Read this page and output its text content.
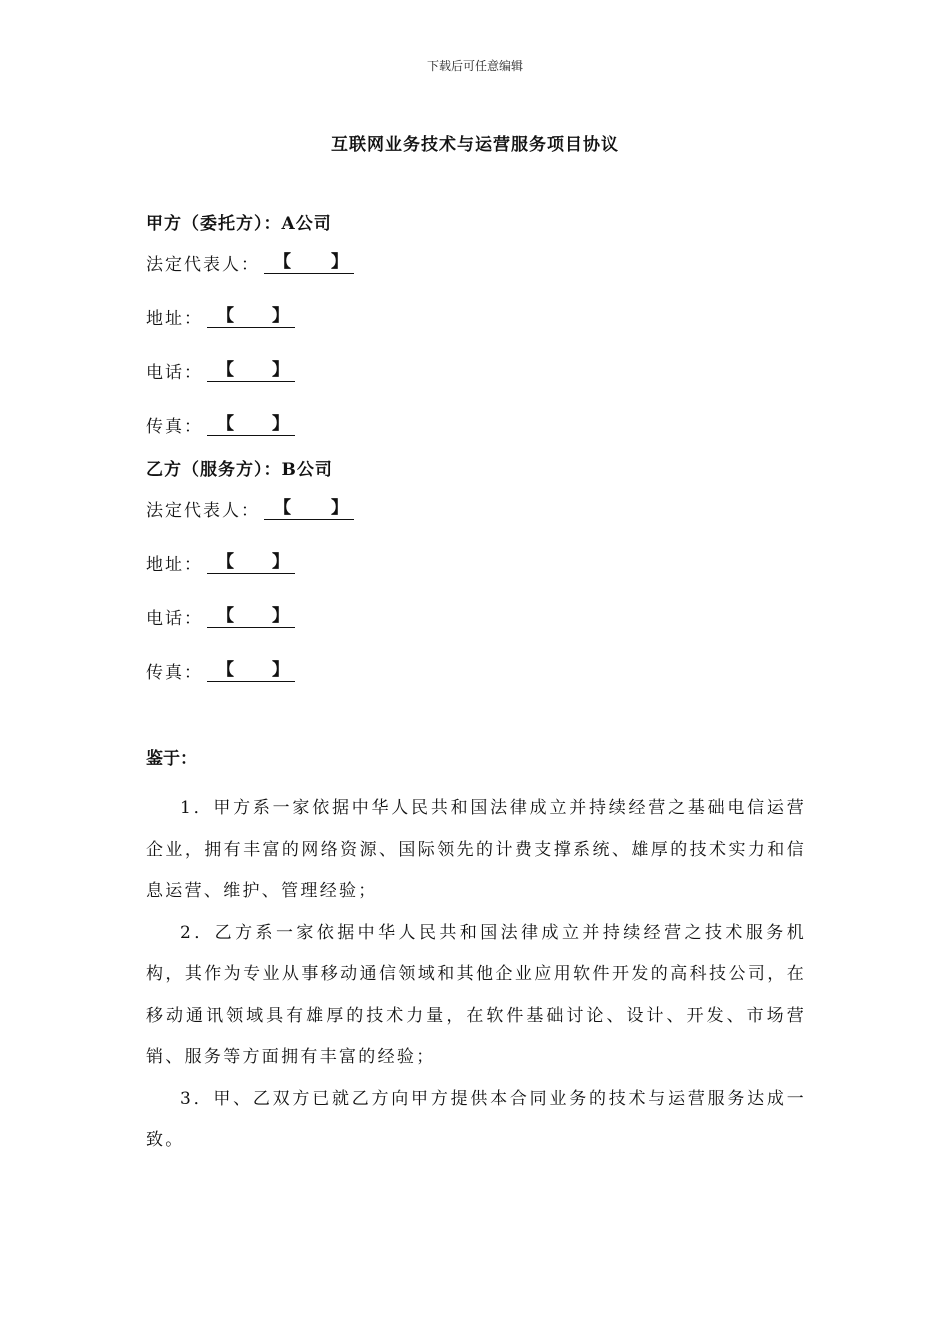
下载后可任意编辑
互联网业务技术与运营服务项目协议
甲方（委托方）：A公司
法定代表人： 【 】
地址： 【 】
电话： 【 】
传真： 【 】
乙方（服务方）：B公司
法定代表人： 【 】
地址： 【 】
电话： 【 】
传真： 【 】
鉴于：

1．甲方系一家依据中华人民共和国法律成立并持续经营之基础电信运营企业，拥有丰富的网络资源、国际领先的计费支撑系统、雄厚的技术实力和信息运营、维护、管理经验；

2．乙方系一家依据中华人民共和国法律成立并持续经营之技术服务机构，其作为专业从事移动通信领域和其他企业应用软件开发的高科技公司，在移动通讯领域具有雄厚的技术力量，在软件基础讨论、设计、开发、市场营销、服务等方面拥有丰富的经验；

3．甲、乙双方已就乙方向甲方提供本合同业务的技术与运营服务达成一致。
